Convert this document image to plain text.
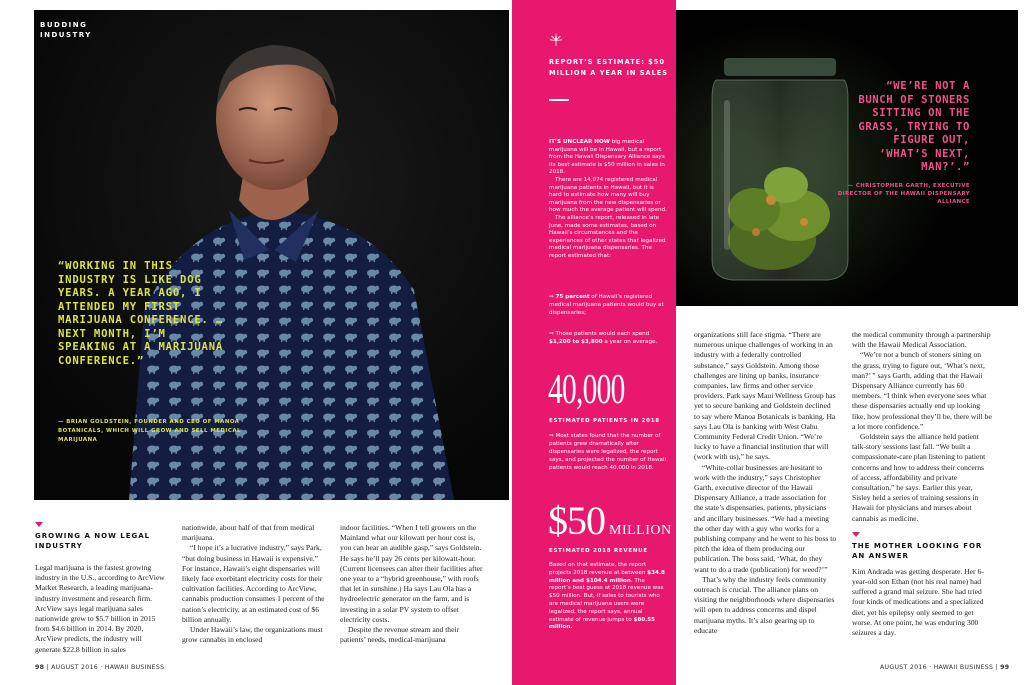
BUDDING
INDUSTRY
“WORKING IN THIS INDUSTRY IS LIKE DOG YEARS. A YEAR AGO, I ATTENDED MY FIRST MARIJUANA CONFERENCE. … NEXT MONTH, I’M SPEAKING AT A MARIJUANA CONFERENCE.”
— BRIAN GOLDSTEIN, FOUNDER AND CEO OF MANOA BOTANICALS, WHICH WILL GROW AND SELL MEDICAL MARIJUANA
REPORT’S ESTIMATE: $50 MILLION A YEAR IN SALES

IT’S UNCLEAR HOW big medical marijuana will be in Hawaii, but a report from the Hawaii Dispensary Alliance says its best estimate is $50 million in sales in 2018.

There are 14,074 registered medical marijuana patients in Hawaii, but it is hard to estimate how many will buy marijuana from the new dispensaries or how much the average patient will spend.

The alliance’s report, released in late June, made some estimates, based on Hawaii’s circumstances and the experiences of other states that legalized medical marijuana dispensaries. The report estimated that:

⇒ 75 percent of Hawaii’s registered medical marijuana patients would buy at dispensaries;
⇒ Those patients would each spend $1,200 to $3,800 a year on average.
40,000
ESTIMATED PATIENTS IN 2018
⇒ Most states found that the number of patients grew dramatically after dispensaries were legalized, the report says, and projected the number of Hawaii patients would reach 40,000 in 2018.
$50 MILLION
ESTIMATED 2018 REVENUE
Based on that estimate, the report projects 2018 revenue at between $34.8 million and $104.4 million. The report’s best guess at 2018 revenue was $50 million. But, if sales to tourists who are medical marijuana users were legalized, the report says, annual estimate of revenue jumps to $80.55 million.
“WE’RE NOT A BUNCH OF STONERS SITTING ON THE GRASS, TRYING TO FIGURE OUT, ‘WHAT’S NEXT, MAN?’.”
— CHRISTOPHER GARTH, EXECUTIVE DIRECTOR OF THE HAWAII DISPENSARY ALLIANCE
GROWING A NOW LEGAL INDUSTRY

Legal marijuana is the fastest growing industry in the U.S., according to ArcView Market Research, a leading marijuana-industry investment and research firm. ArcView says legal marijuana sales nationwide grew to $5.7 billion in 2015 from $4.6 billion in 2014. By 2020, ArcView predicts, the industry will generate $22.8 billion in sales

nationwide, about half of that from medical marijuana.

“I hope it’s a lucrative industry,” says Park, “but doing business in Hawaii is expensive.” For instance, Hawaii’s eight dispensaries will likely face exorbitant electricity costs for their cultivation facilities. According to ArcView, cannabis production consumes 1 percent of the nation’s electricity, at an estimated cost of $6 billion annually.

Under Hawaii’s law, the organizations must grow cannabis in enclosed

indoor facilities. “When I tell growers on the Mainland what our kilowatt per hour cost is, you can hear an audible gasp,” says Goldstein. He says he’ll pay 26 cents per kilowatt-hour. (Current licensees can alter their facilities after one year to a “hybrid greenhouse,” with roofs that let in sunshine.) Ha says Lau Ola has a hydroelectric generator on the farm, and is investing in a solar PV system to offset electricity costs.

Despite the revenue stream and their patients’ needs, medical-marijuana

organizations still face stigma. “There are numerous unique challenges of working in an industry with a federally controlled substance,” says Goldstein. Among those challenges are lining up banks, insurance companies, law firms and other service providers. Park says Maui Wellness Group has yet to secure banking and Goldstein declined to say where Manoa Botanicals is banking. Ha says Lau Ola is banking with West Oahu Community Federal Credit Union. “We’re lucky to have a financial institution that will (work with us),” he says.

“White-collar businesses are hesitant to work with the industry,” says Christopher Garth, executive director of the Hawaii Dispensary Alliance, a trade association for the state’s dispensaries, patients, physicians and ancillary businesses. “We had a meeting the other day with a guy who works for a publishing company and he went to his boss to pitch the idea of them producing our publication. The boss said, ‘What, do they want to do a trade (publication) for weed?’”

That’s why the industry feels community outreach is crucial. The alliance plans on visiting the neighborhoods where dispensaries will open to address concerns and dispel marijuana myths. It’s also gearing up to educate

the medical community through a partnership with the Hawaii Medical Association.

“We’re not a bunch of stoners sitting on the grass, trying to figure out, ‘What’s next, man?’ ” says Garth, adding that the Hawaii Dispensary Alliance currently has 60 members. “I think when everyone sees what these dispensaries actually end up looking like, how professional they’ll be, there will be a lot more confidence.”

Goldstein says the alliance held patient talk-story sessions last fall. “We built a compassionate-care plan listening to patient concerns and how to address their concerns of access, affordability and private consultation,” he says. Earlier this year, Sisley held a series of training sessions in Hawaii for physicians and nurses about cannabis as medicine.

THE MOTHER LOOKING FOR AN ANSWER

Kim Andrada was getting desperate. Her 6-year-old son Ethan (not his real name) had suffered a grand mal seizure. She had tried four kinds of medications and a specialized diet, yet his epilepsy only seemed to get worse. At one point, he was enduring 300 seizures a day.

98 | AUGUST 2016 · HAWAII BUSINESS	AUGUST 2016 · HAWAII BUSINESS | 99
